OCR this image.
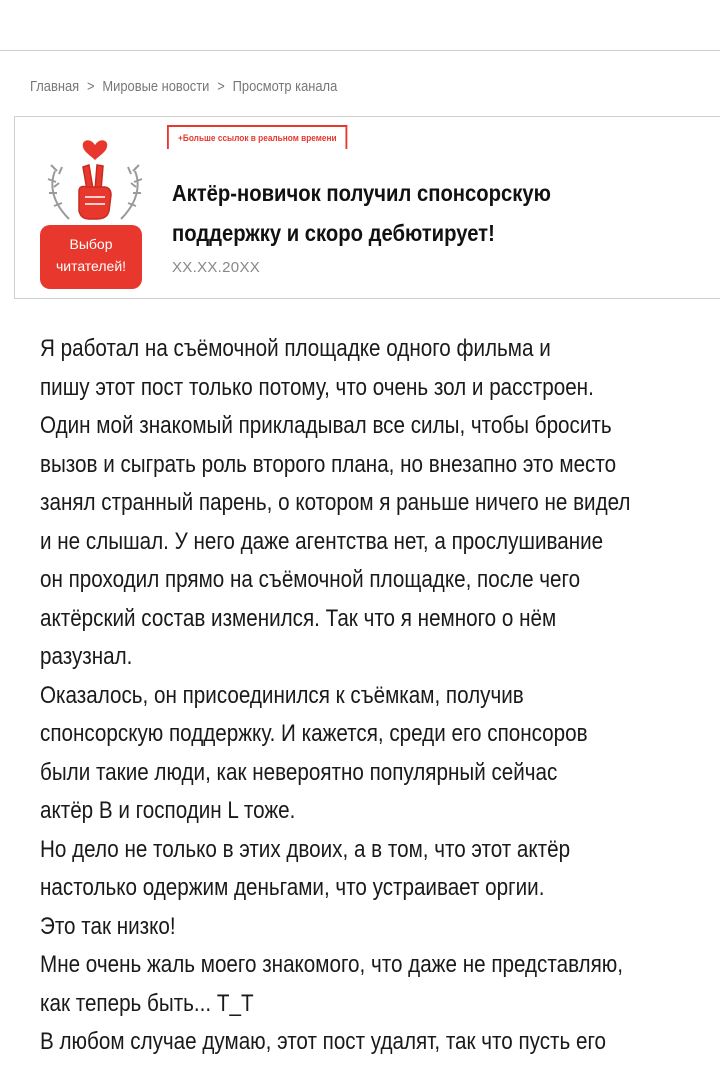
Главная > Мировые новости > Просмотр канала
Выбор
читателей!
+Больше ссылок в реальном времени
Актёр-новичок получил спонсорскую
поддержку и скоро дебютирует!
XX.XX.20XX
Я работал на съёмочной площадке одного фильма и
пишу этот пост только потому, что очень зол и расстроен.
Один мой знакомый прикладывал все силы, чтобы бросить
вызов и сыграть роль второго плана, но внезапно это место
занял странный парень, о котором я раньше ничего не видел
и не слышал. У него даже агентства нет, а прослушивание
он проходил прямо на съёмочной площадке, после чего
актёрский состав изменился. Так что я немного о нём
разузнал.
Оказалось, он присоединился к съёмкам, получив
спонсорскую поддержку. И кажется, среди его спонсоров
были такие люди, как невероятно популярный сейчас
актёр B и господин L тоже.
Но дело не только в этих двоих, а в том, что этот актёр
настолько одержим деньгами, что устраивает оргии.
Это так низко!
Мне очень жаль моего знакомого, что даже не представляю,
как теперь быть... T_T
В любом случае думаю, этот пост удалят, так что пусть его
